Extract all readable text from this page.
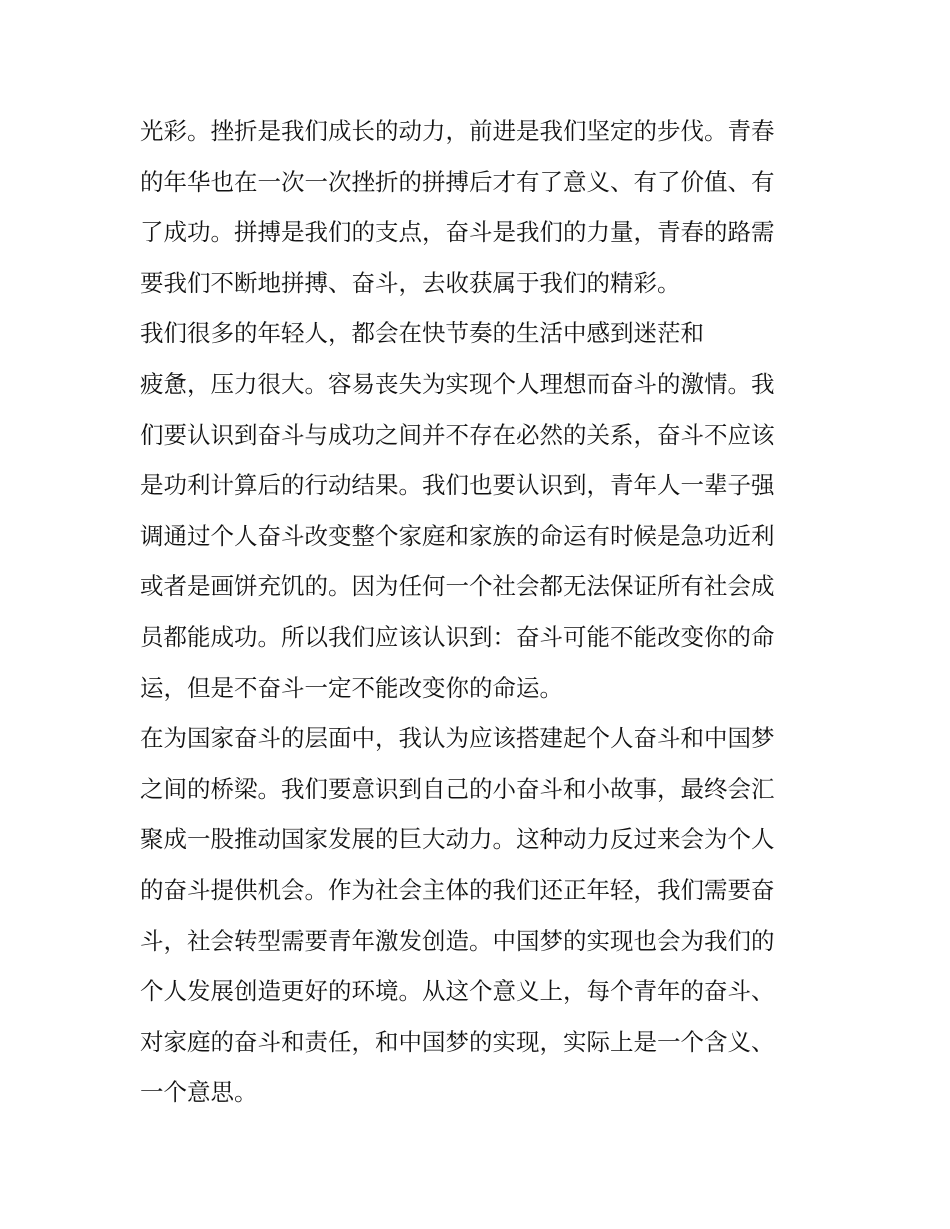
光彩。挫折是我们成长的动力，前进是我们坚定的步伐。青春
的年华也在一次一次挫折的拼搏后才有了意义、有了价值、有
了成功。拼搏是我们的支点，奋斗是我们的力量，青春的路需
要我们不断地拼搏、奋斗，去收获属于我们的精彩。
我们很多的年轻人，都会在快节奏的生活中感到迷茫和
疲惫，压力很大。容易丧失为实现个人理想而奋斗的激情。我
们要认识到奋斗与成功之间并不存在必然的关系，奋斗不应该
是功利计算后的行动结果。我们也要认识到，青年人一辈子强
调通过个人奋斗改变整个家庭和家族的命运有时候是急功近利
或者是画饼充饥的。因为任何一个社会都无法保证所有社会成
员都能成功。所以我们应该认识到：奋斗可能不能改变你的命
运，但是不奋斗一定不能改变你的命运。
在为国家奋斗的层面中，我认为应该搭建起个人奋斗和中国梦
之间的桥梁。我们要意识到自己的小奋斗和小故事，最终会汇
聚成一股推动国家发展的巨大动力。这种动力反过来会为个人
的奋斗提供机会。作为社会主体的我们还正年轻，我们需要奋
斗，社会转型需要青年激发创造。中国梦的实现也会为我们的
个人发展创造更好的环境。从这个意义上，每个青年的奋斗、
对家庭的奋斗和责任，和中国梦的实现，实际上是一个含义、
一个意思。
